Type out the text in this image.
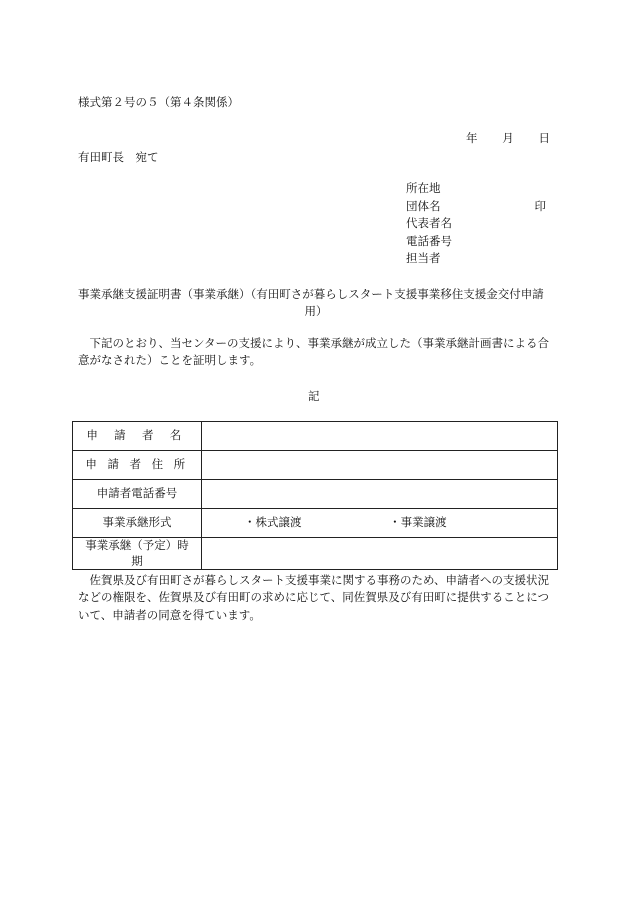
様式第２号の５（第４条関係）
年 月 日
有田町長　宛て
所在地
団体名	印
代表者名
電話番号
担当者
事業承継支援証明書（事業承継）（有田町さが暮らしスタート支援事業移住支援金交付申請
用）
下記のとおり、当センターの支援により、事業承継が成立した（事業承継計画書による合意がなされた）ことを証明します。
記
申 請 者 名	
申 請 者 住 所	
申請者電話番号	
事業承継形式	・株式譲渡 ・事業譲渡
事業承継（予定）時
期	
佐賀県及び有田町さが暮らしスタート支援事業に関する事務のため、申請者への支援状況などの権限を、佐賀県及び有田町の求めに応じて、同佐賀県及び有田町に提供することについて、申請者の同意を得ています。
